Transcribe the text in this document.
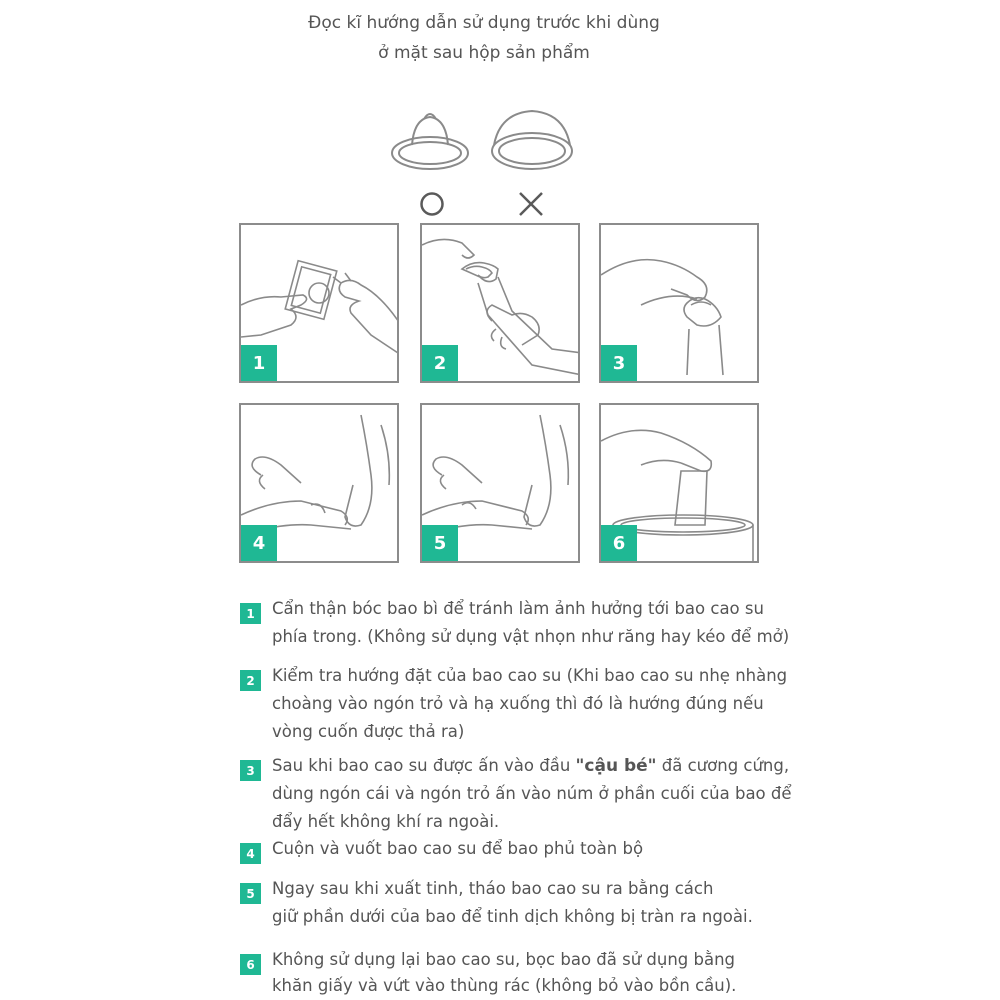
Đọc kĩ hướng dẫn sử dụng trước khi dùng
ở mặt sau hộp sản phẩm
1	2	3
4	5	6
1	Cẩn thận bóc bao bì để tránh làm ảnh hưởng tới bao cao su
phía trong. (Không sử dụng vật nhọn như răng hay kéo để mở)
2	Kiểm tra hướng đặt của bao cao su (Khi bao cao su nhẹ nhàng
choàng vào ngón trỏ và hạ xuống thì đó là hướng đúng nếu
vòng cuốn được thả ra)
3	Sau khi bao cao su được ấn vào đầu "cậu bé" đã cương cứng,
dùng ngón cái và ngón trỏ ấn vào núm ở phần cuối của bao để
đẩy hết không khí ra ngoài.
4	Cuộn và vuốt bao cao su để bao phủ toàn bộ
5	Ngay sau khi xuất tinh, tháo bao cao su ra bằng cách
giữ phần dưới của bao để tinh dịch không bị tràn ra ngoài.
6	Không sử dụng lại bao cao su, bọc bao đã sử dụng bằng
khăn giấy và vứt vào thùng rác (không bỏ vào bồn cầu).
